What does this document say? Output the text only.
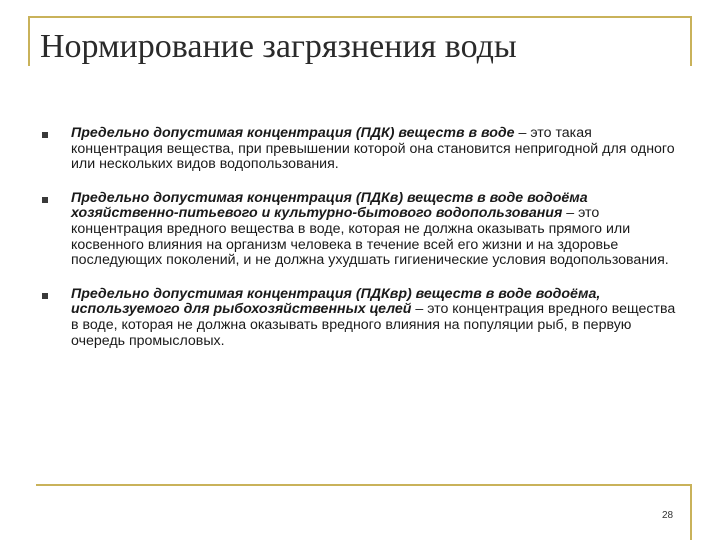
Нормирование загрязнения воды
Предельно допустимая концентрация (ПДК) веществ в воде – это такая концентрация вещества, при превышении которой она становится непригодной для одного или нескольких видов водопользования.
Предельно допустимая концентрация (ПДКв) веществ в воде водоёма хозяйственно-питьевого и культурно-бытового водопользования – это концентрация вредного вещества в воде, которая не должна оказывать прямого или косвенного влияния на организм человека в течение всей его жизни и на здоровье последующих поколений, и не должна ухудшать гигиенические условия водопользования.
Предельно допустимая концентрация (ПДКвр) веществ в воде водоёма, используемого для рыбохозяйственных целей – это концентрация вредного вещества в воде, которая не должна оказывать вредного влияния на популяции рыб, в первую очередь промысловых.
28
